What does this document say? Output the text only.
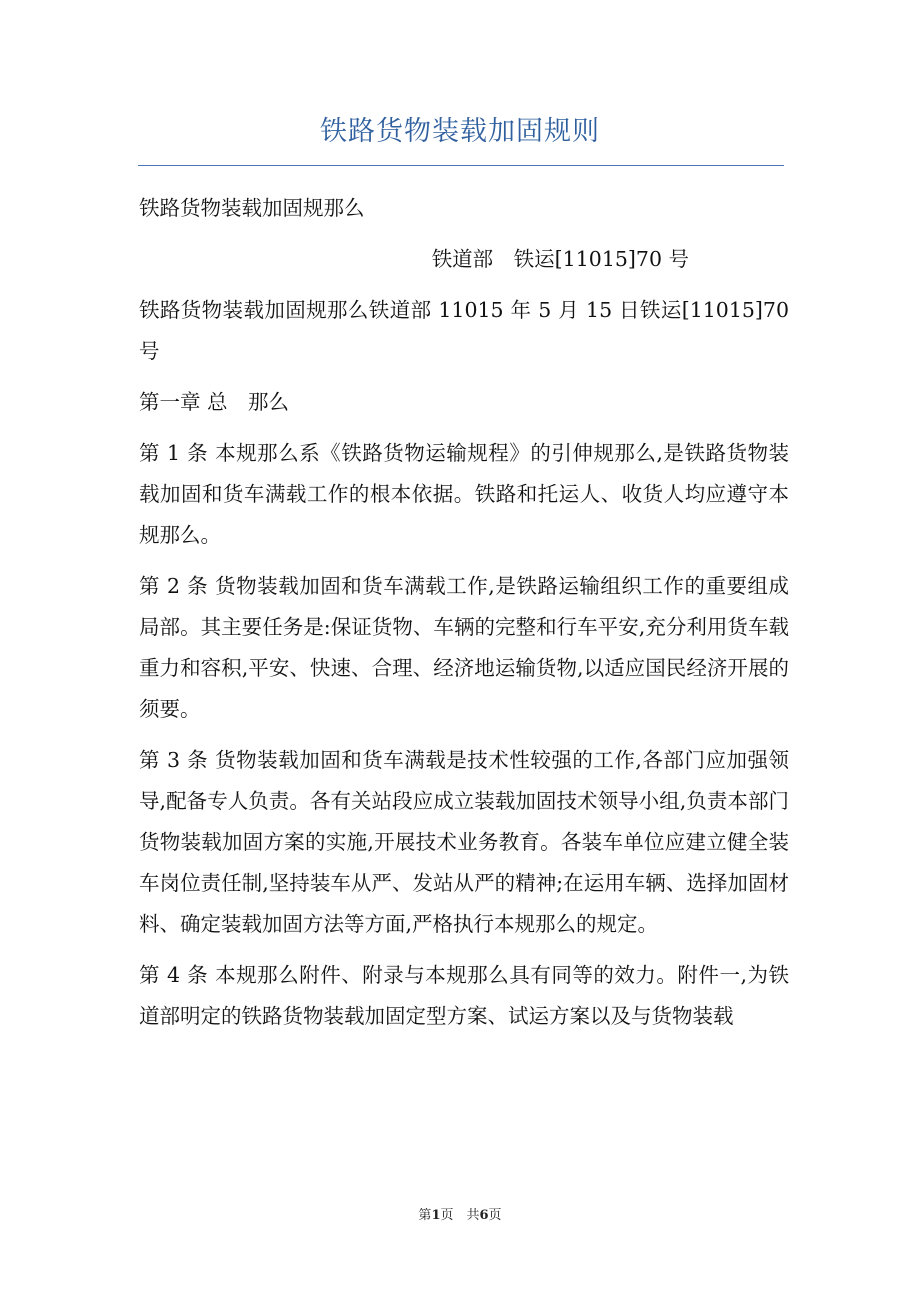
铁路货物装载加固规则

铁路货物装载加固规那么

铁道部　铁运[11015]70 号

铁路货物装载加固规那么铁道部 11015 年 5 月 15 日铁运[11015]70 号

第一章 总　那么

第 1 条 本规那么系《铁路货物运输规程》的引伸规那么,是铁路货物装载加固和货车满载工作的根本依据。铁路和托运人、收货人均应遵守本规那么。

第 2 条 货物装载加固和货车满载工作,是铁路运输组织工作的重要组成局部。其主要任务是:保证货物、车辆的完整和行车平安,充分利用货车载重力和容积,平安、快速、合理、经济地运输货物,以适应国民经济开展的须要。

第 3 条 货物装载加固和货车满载是技术性较强的工作,各部门应加强领导,配备专人负责。各有关站段应成立装载加固技术领导小组,负责本部门货物装载加固方案的实施,开展技术业务教育。各装车单位应建立健全装车岗位责任制,坚持装车从严、发站从严的精神;在运用车辆、选择加固材料、确定装载加固方法等方面,严格执行本规那么的规定。

第 4 条 本规那么附件、附录与本规那么具有同等的效力。附件一,为铁道部明定的铁路货物装载加固定型方案、试运方案以及与货物装载

第1页　共6页
